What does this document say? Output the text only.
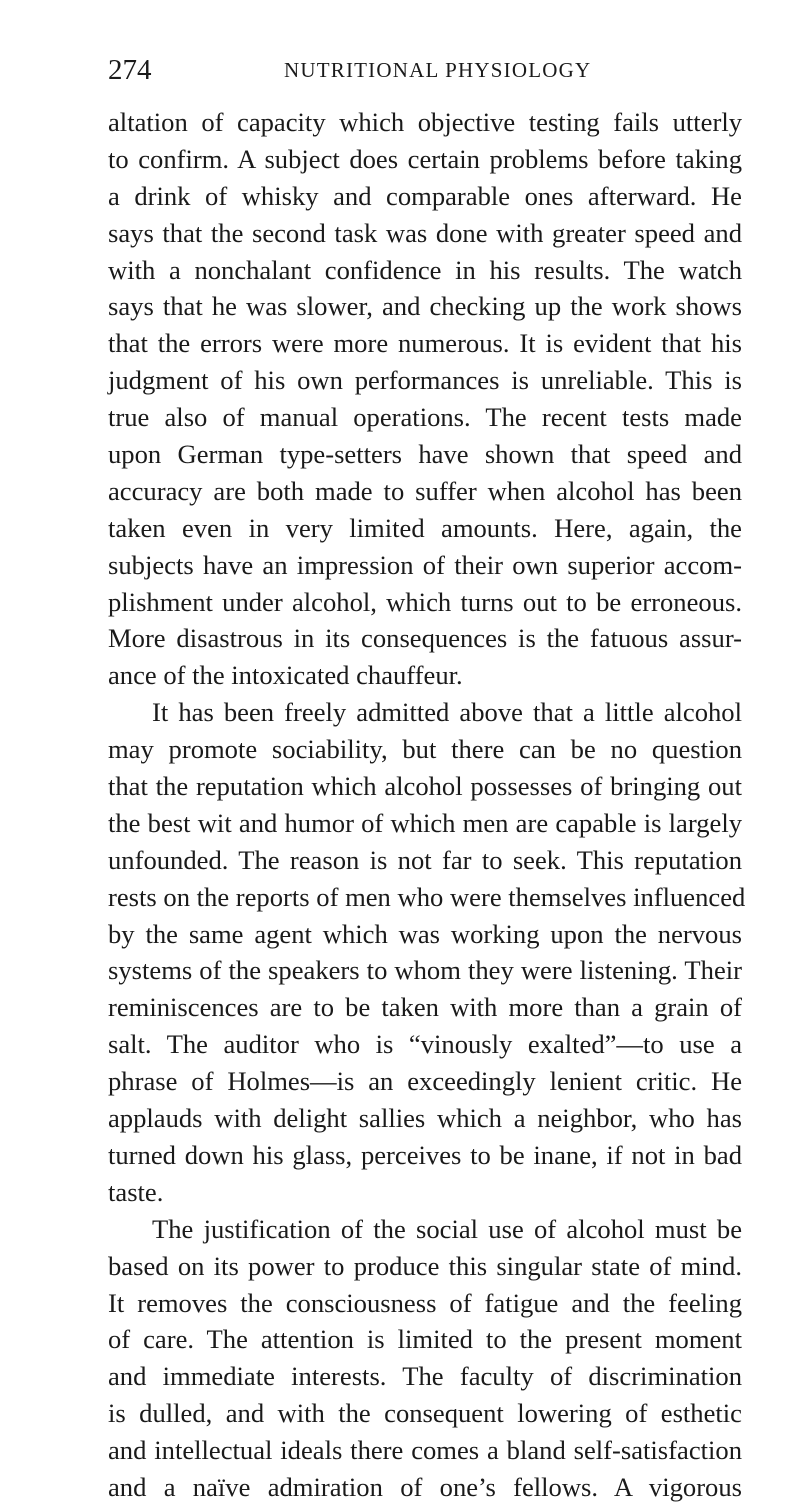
274	NUTRITIONAL PHYSIOLOGY
altation of capacity which objective testing fails utterly
to confirm. A subject does certain problems before taking
a drink of whisky and comparable ones afterward. He
says that the second task was done with greater speed and
with a nonchalant confidence in his results. The watch
says that he was slower, and checking up the work shows
that the errors were more numerous. It is evident that his
judgment of his own performances is unreliable. This is
true also of manual operations. The recent tests made
upon German type-setters have shown that speed and
accuracy are both made to suffer when alcohol has been
taken even in very limited amounts. Here, again, the
subjects have an impression of their own superior accom-
plishment under alcohol, which turns out to be erroneous.
More disastrous in its consequences is the fatuous assur-
ance of the intoxicated chauffeur.
It has been freely admitted above that a little alcohol
may promote sociability, but there can be no question
that the reputation which alcohol possesses of bringing out
the best wit and humor of which men are capable is largely
unfounded. The reason is not far to seek. This reputation
rests on the reports of men who were themselves influenced
by the same agent which was working upon the nervous
systems of the speakers to whom they were listening. Their
reminiscences are to be taken with more than a grain of
salt. The auditor who is “vinously exalted”—to use a
phrase of Holmes—is an exceedingly lenient critic. He
applauds with delight sallies which a neighbor, who has
turned down his glass, perceives to be inane, if not in bad
taste.
The justification of the social use of alcohol must be
based on its power to produce this singular state of mind.
It removes the consciousness of fatigue and the feeling
of care. The attention is limited to the present moment
and immediate interests. The faculty of discrimination
is dulled, and with the consequent lowering of esthetic
and intellectual ideals there comes a bland self-satisfaction
and a naïve admiration of one’s fellows. A vigorous
